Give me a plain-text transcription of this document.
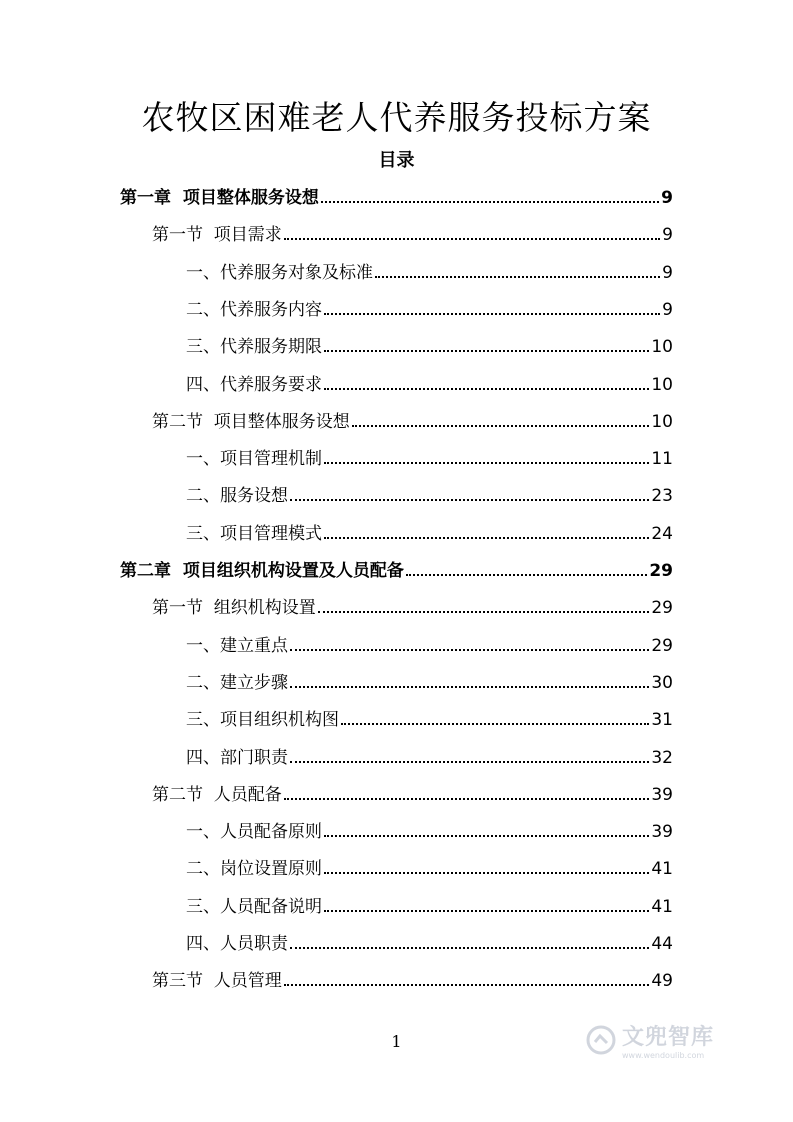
农牧区困难老人代养服务投标方案
目录
第一章  项目整体服务设想	9
第一节  项目需求	9
一、代养服务对象及标准	9
二、代养服务内容	9
三、代养服务期限	10
四、代养服务要求	10
第二节  项目整体服务设想	10
一、项目管理机制	11
二、服务设想	23
三、项目管理模式	24
第二章  项目组织机构设置及人员配备	29
第一节  组织机构设置	29
一、建立重点	29
二、建立步骤	30
三、项目组织机构图	31
四、部门职责	32
第二节  人员配备	39
一、人员配备原则	39
二、岗位设置原则	41
三、人员配备说明	41
四、人员职责	44
第三节  人员管理	49
1	文兜智库
www.wendoulib.com
